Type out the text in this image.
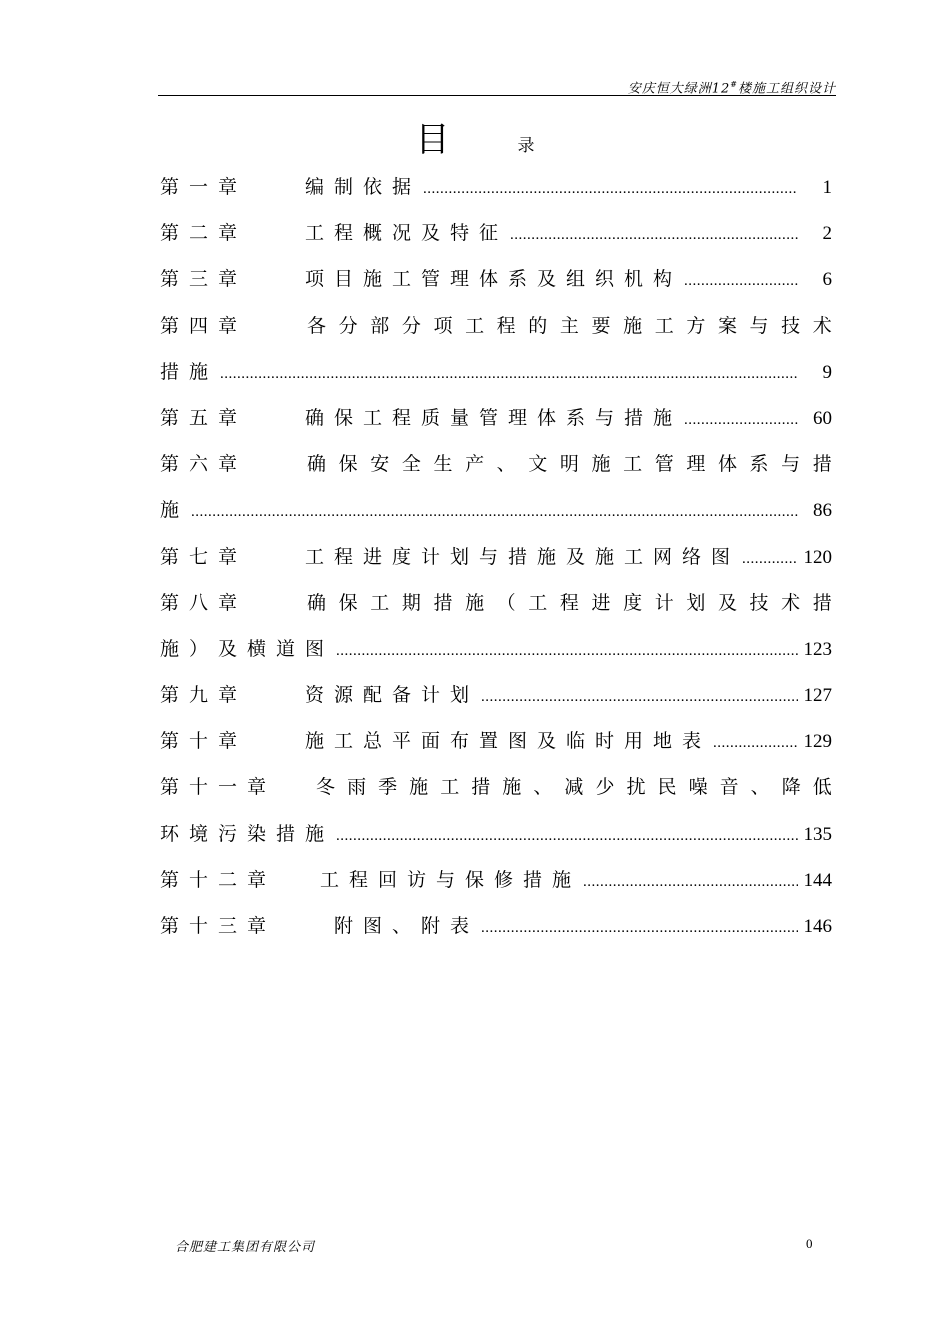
安庆恒大绿洲12#楼施工组织设计
目	录
第一章	编制依据 .....	1
第二章	工程概况及特征 .....	2
第三章	项目施工管理体系及组织机构 .....	6
第四章	各 分 部 分 项 工 程 的 主 要 施 工 方 案 与 技 术
措施 .....	9
第五章	确保工程质量管理体系与措施 .....	60
第六章	确 保 安 全 生 产 、 文 明 施 工 管 理 体 系 与 措
施 .....	86
第七章	工程进度计划与措施及施工网络图 .....	120
第八章	确 保 工 期 措 施 （ 工 程 进 度 计 划 及 技 术 措
施）及横道图 .....	123
第九章	资源配备计划 .....	127
第十章	施工总平面布置图及临时用地表 .....	129
第十一章 冬 雨 季 施 工 措 施 、 减 少 扰 民 噪 音 、 降 低
环境污染措施 .....	135
第十二章 工程回访与保修措施 .....	144
第十三章	附图、附表 .....	146
合肥建工集团有限公司	0
